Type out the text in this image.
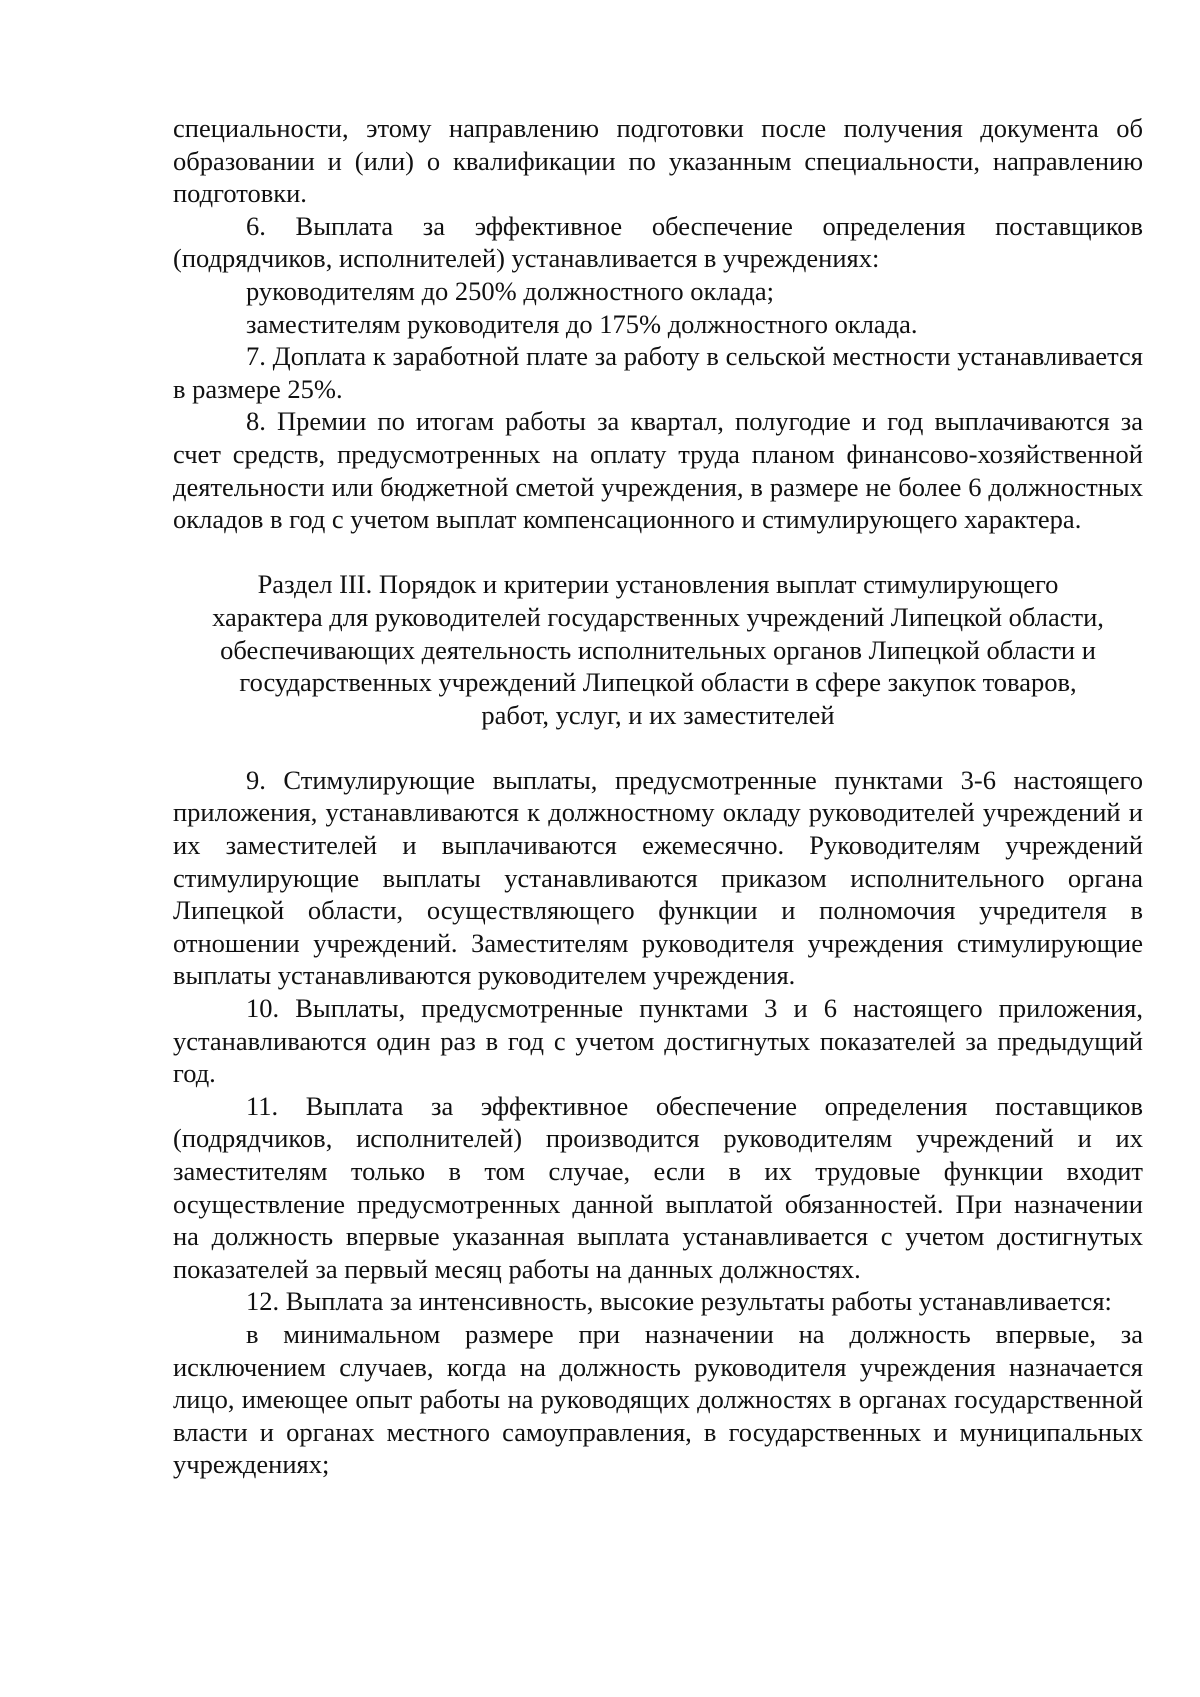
специальности, этому направлению подготовки после получения документа об образовании и (или) о квалификации по указанным специальности, направлению подготовки.

6. Выплата за эффективное обеспечение определения поставщиков (подрядчиков, исполнителей) устанавливается в учреждениях:

руководителям до 250% должностного оклада;

заместителям руководителя до 175% должностного оклада.

7. Доплата к заработной плате за работу в сельской местности устанавливается в размере 25%.

8. Премии по итогам работы за квартал, полугодие и год выплачиваются за счет средств, предусмотренных на оплату труда планом финансово-хозяйственной деятельности или бюджетной сметой учреждения, в размере не более 6 должностных окладов в год с учетом выплат компенсационного и стимулирующего характера.

Раздел III. Порядок и критерии установления выплат стимулирующего
характера для руководителей государственных учреждений Липецкой области,
обеспечивающих деятельность исполнительных органов Липецкой области и
государственных учреждений Липецкой области в сфере закупок товаров,
работ, услуг, и их заместителей

9. Стимулирующие выплаты, предусмотренные пунктами 3-6 настоящего приложения, устанавливаются к должностному окладу руководителей учреждений и их заместителей и выплачиваются ежемесячно. Руководителям учреждений стимулирующие выплаты устанавливаются приказом исполнительного органа Липецкой области, осуществляющего функции и полномочия учредителя в отношении учреждений. Заместителям руководителя учреждения стимулирующие выплаты устанавливаются руководителем учреждения.

10. Выплаты, предусмотренные пунктами 3 и 6 настоящего приложения, устанавливаются один раз в год с учетом достигнутых показателей за предыдущий год.

11. Выплата за эффективное обеспечение определения поставщиков (подрядчиков, исполнителей) производится руководителям учреждений и их заместителям только в том случае, если в их трудовые функции входит осуществление предусмотренных данной выплатой обязанностей. При назначении на должность впервые указанная выплата устанавливается с учетом достигнутых показателей за первый месяц работы на данных должностях.

12. Выплата за интенсивность, высокие результаты работы устанавливается:

в минимальном размере при назначении на должность впервые, за исключением случаев, когда на должность руководителя учреждения назначается лицо, имеющее опыт работы на руководящих должностях в органах государственной власти и органах местного самоуправления, в государственных и муниципальных учреждениях;
